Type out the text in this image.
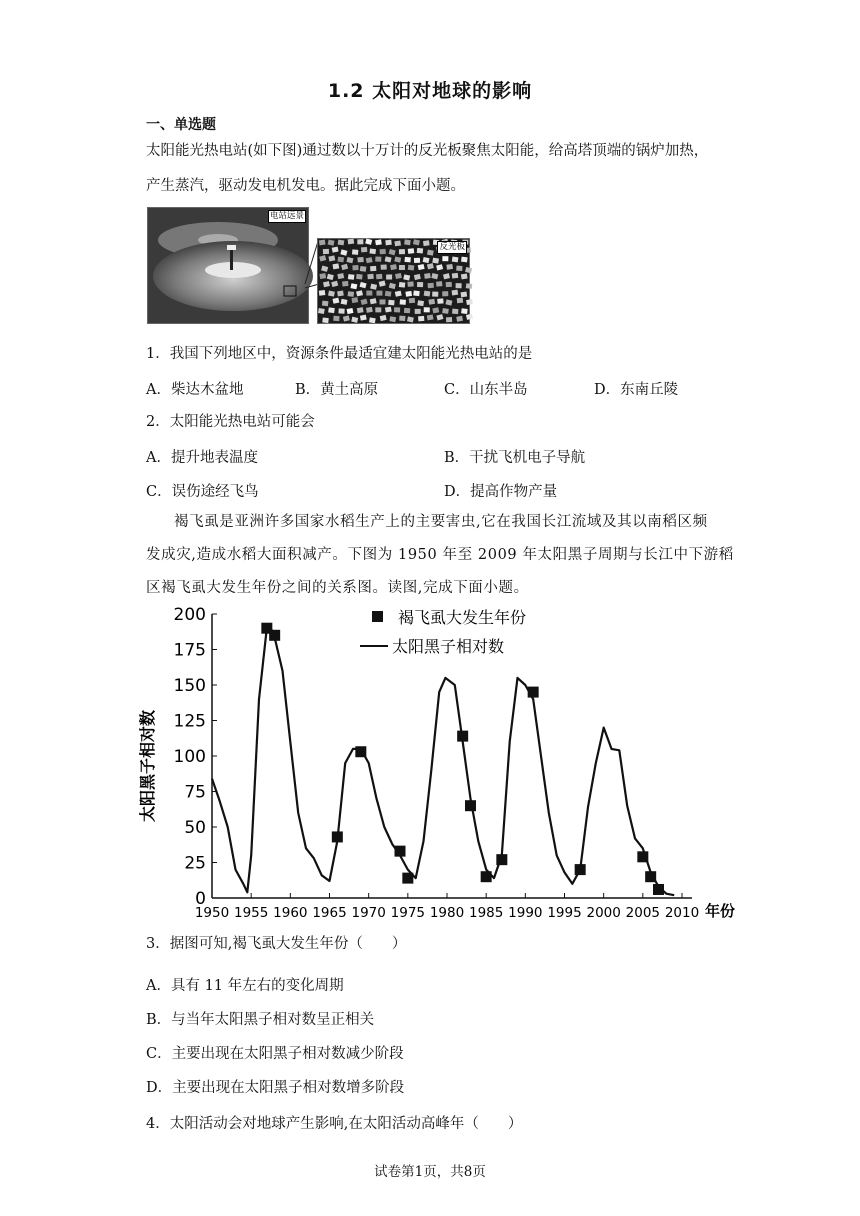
1.2 太阳对地球的影响
一、单选题
太阳能光热电站(如下图)通过数以十万计的反光板聚焦太阳能，给高塔顶端的锅炉加热，
产生蒸汽，驱动发电机发电。据此完成下面小题。
电站远景
反光板
1．我国下列地区中，资源条件最适宜建太阳能光热电站的是
A．柴达木盆地	B．黄土高原	C．山东半岛	D．东南丘陵
2．太阳能光热电站可能会
A．提升地表温度	B．干扰飞机电子导航
C．误伤途经飞鸟	D．提高作物产量
褐飞虱是亚洲许多国家水稻生产上的主要害虫,它在我国长江流域及其以南稻区频
发成灾,造成水稻大面积减产。下图为 1950 年至 2009 年太阳黑子周期与长江中下游稻
区褐飞虱大发生年份之间的关系图。读图,完成下面小题。
0
25
50
75
100
125
150
175
200
1950 1955 1960 1965 1970 1975 1980 1985 1990 1995 2000 2005 2010
太阳黑子相对数
年份
褐飞虱大发生年份
太阳黑子相对数
3．据图可知,褐飞虱大发生年份（　　）
A．具有 11 年左右的变化周期
B．与当年太阳黑子相对数呈正相关
C．主要出现在太阳黑子相对数减少阶段
D．主要出现在太阳黑子相对数增多阶段
4．太阳活动会对地球产生影响,在太阳活动高峰年（　　）
试卷第1页，共8页
